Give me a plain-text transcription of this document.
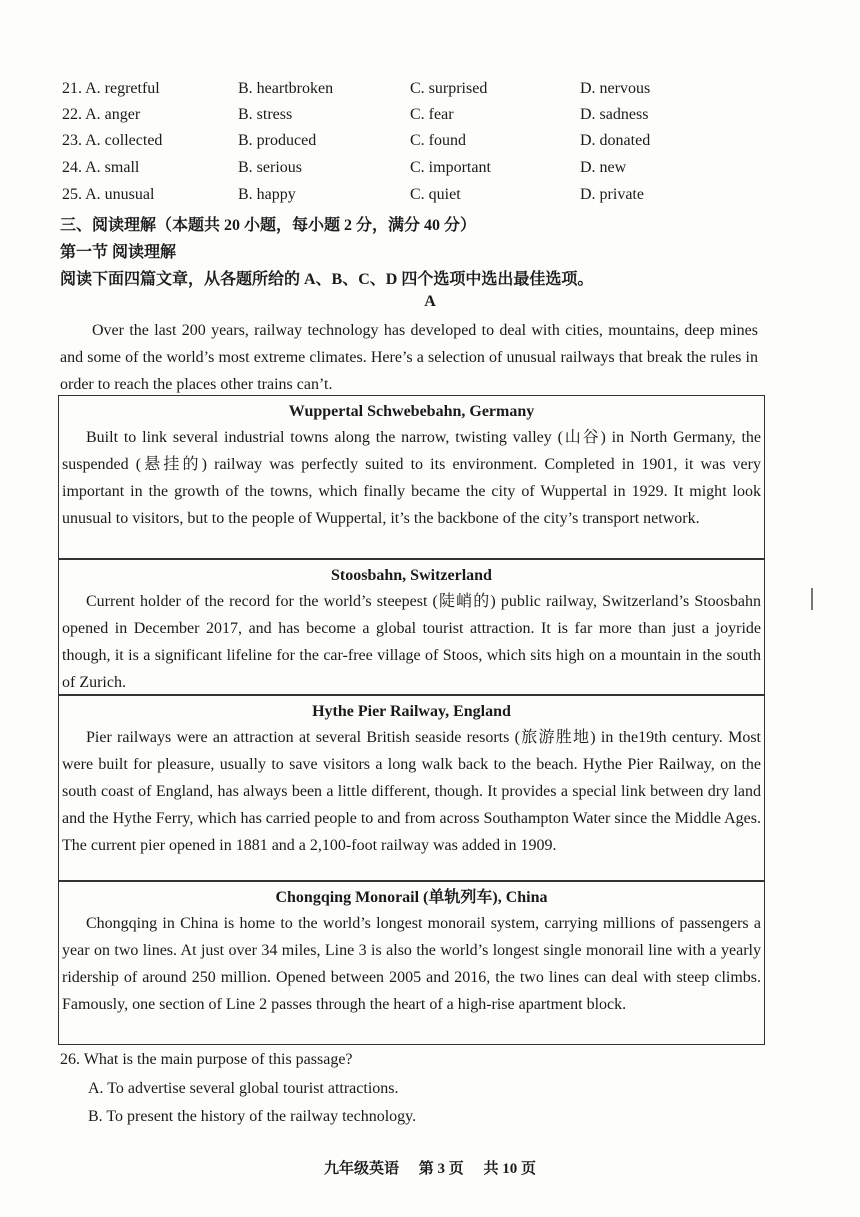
21. A. regretful	B. heartbroken	C. surprised	D. nervous
22. A. anger	B. stress	C. fear	D. sadness
23. A. collected	B. produced	C. found	D. donated
24. A. small	B. serious	C. important	D. new
25. A. unusual	B. happy	C. quiet	D. private
三、阅读理解（本题共 20 小题，每小题 2 分，满分 40 分）
第一节 阅读理解
阅读下面四篇文章，从各题所给的 A、B、C、D 四个选项中选出最佳选项。
A
Over the last 200 years, railway technology has developed to deal with cities, mountains, deep mines and some of the world’s most extreme climates. Here’s a selection of unusual railways that break the rules in order to reach the places other trains can’t.
Wuppertal Schwebebahn, Germany
Built to link several industrial towns along the narrow, twisting valley (山谷) in North Germany, the suspended (悬挂的) railway was perfectly suited to its environment. Completed in 1901, it was very important in the growth of the towns, which finally became the city of Wuppertal in 1929. It might look unusual to visitors, but to the people of Wuppertal, it’s the backbone of the city’s transport network.
Stoosbahn, Switzerland
Current holder of the record for the world’s steepest (陡峭的) public railway, Switzerland’s Stoosbahn opened in December 2017, and has become a global tourist attraction. It is far more than just a joyride though, it is a significant lifeline for the car-free village of Stoos, which sits high on a mountain in the south of Zurich.
Hythe Pier Railway, England
Pier railways were an attraction at several British seaside resorts (旅游胜地) in the19th century. Most were built for pleasure, usually to save visitors a long walk back to the beach. Hythe Pier Railway, on the south coast of England, has always been a little different, though. It provides a special link between dry land and the Hythe Ferry, which has carried people to and from across Southampton Water since the Middle Ages. The current pier opened in 1881 and a 2,100-foot railway was added in 1909.
Chongqing Monorail (单轨列车), China
Chongqing in China is home to the world’s longest monorail system, carrying millions of passengers a year on two lines. At just over 34 miles, Line 3 is also the world’s longest single monorail line with a yearly ridership of around 250 million. Opened between 2005 and 2016, the two lines can deal with steep climbs. Famously, one section of Line 2 passes through the heart of a high-rise apartment block.
26. What is the main purpose of this passage?
A. To advertise several global tourist attractions.
B. To present the history of the railway technology.
九年级英语 第 3 页 共 10 页
